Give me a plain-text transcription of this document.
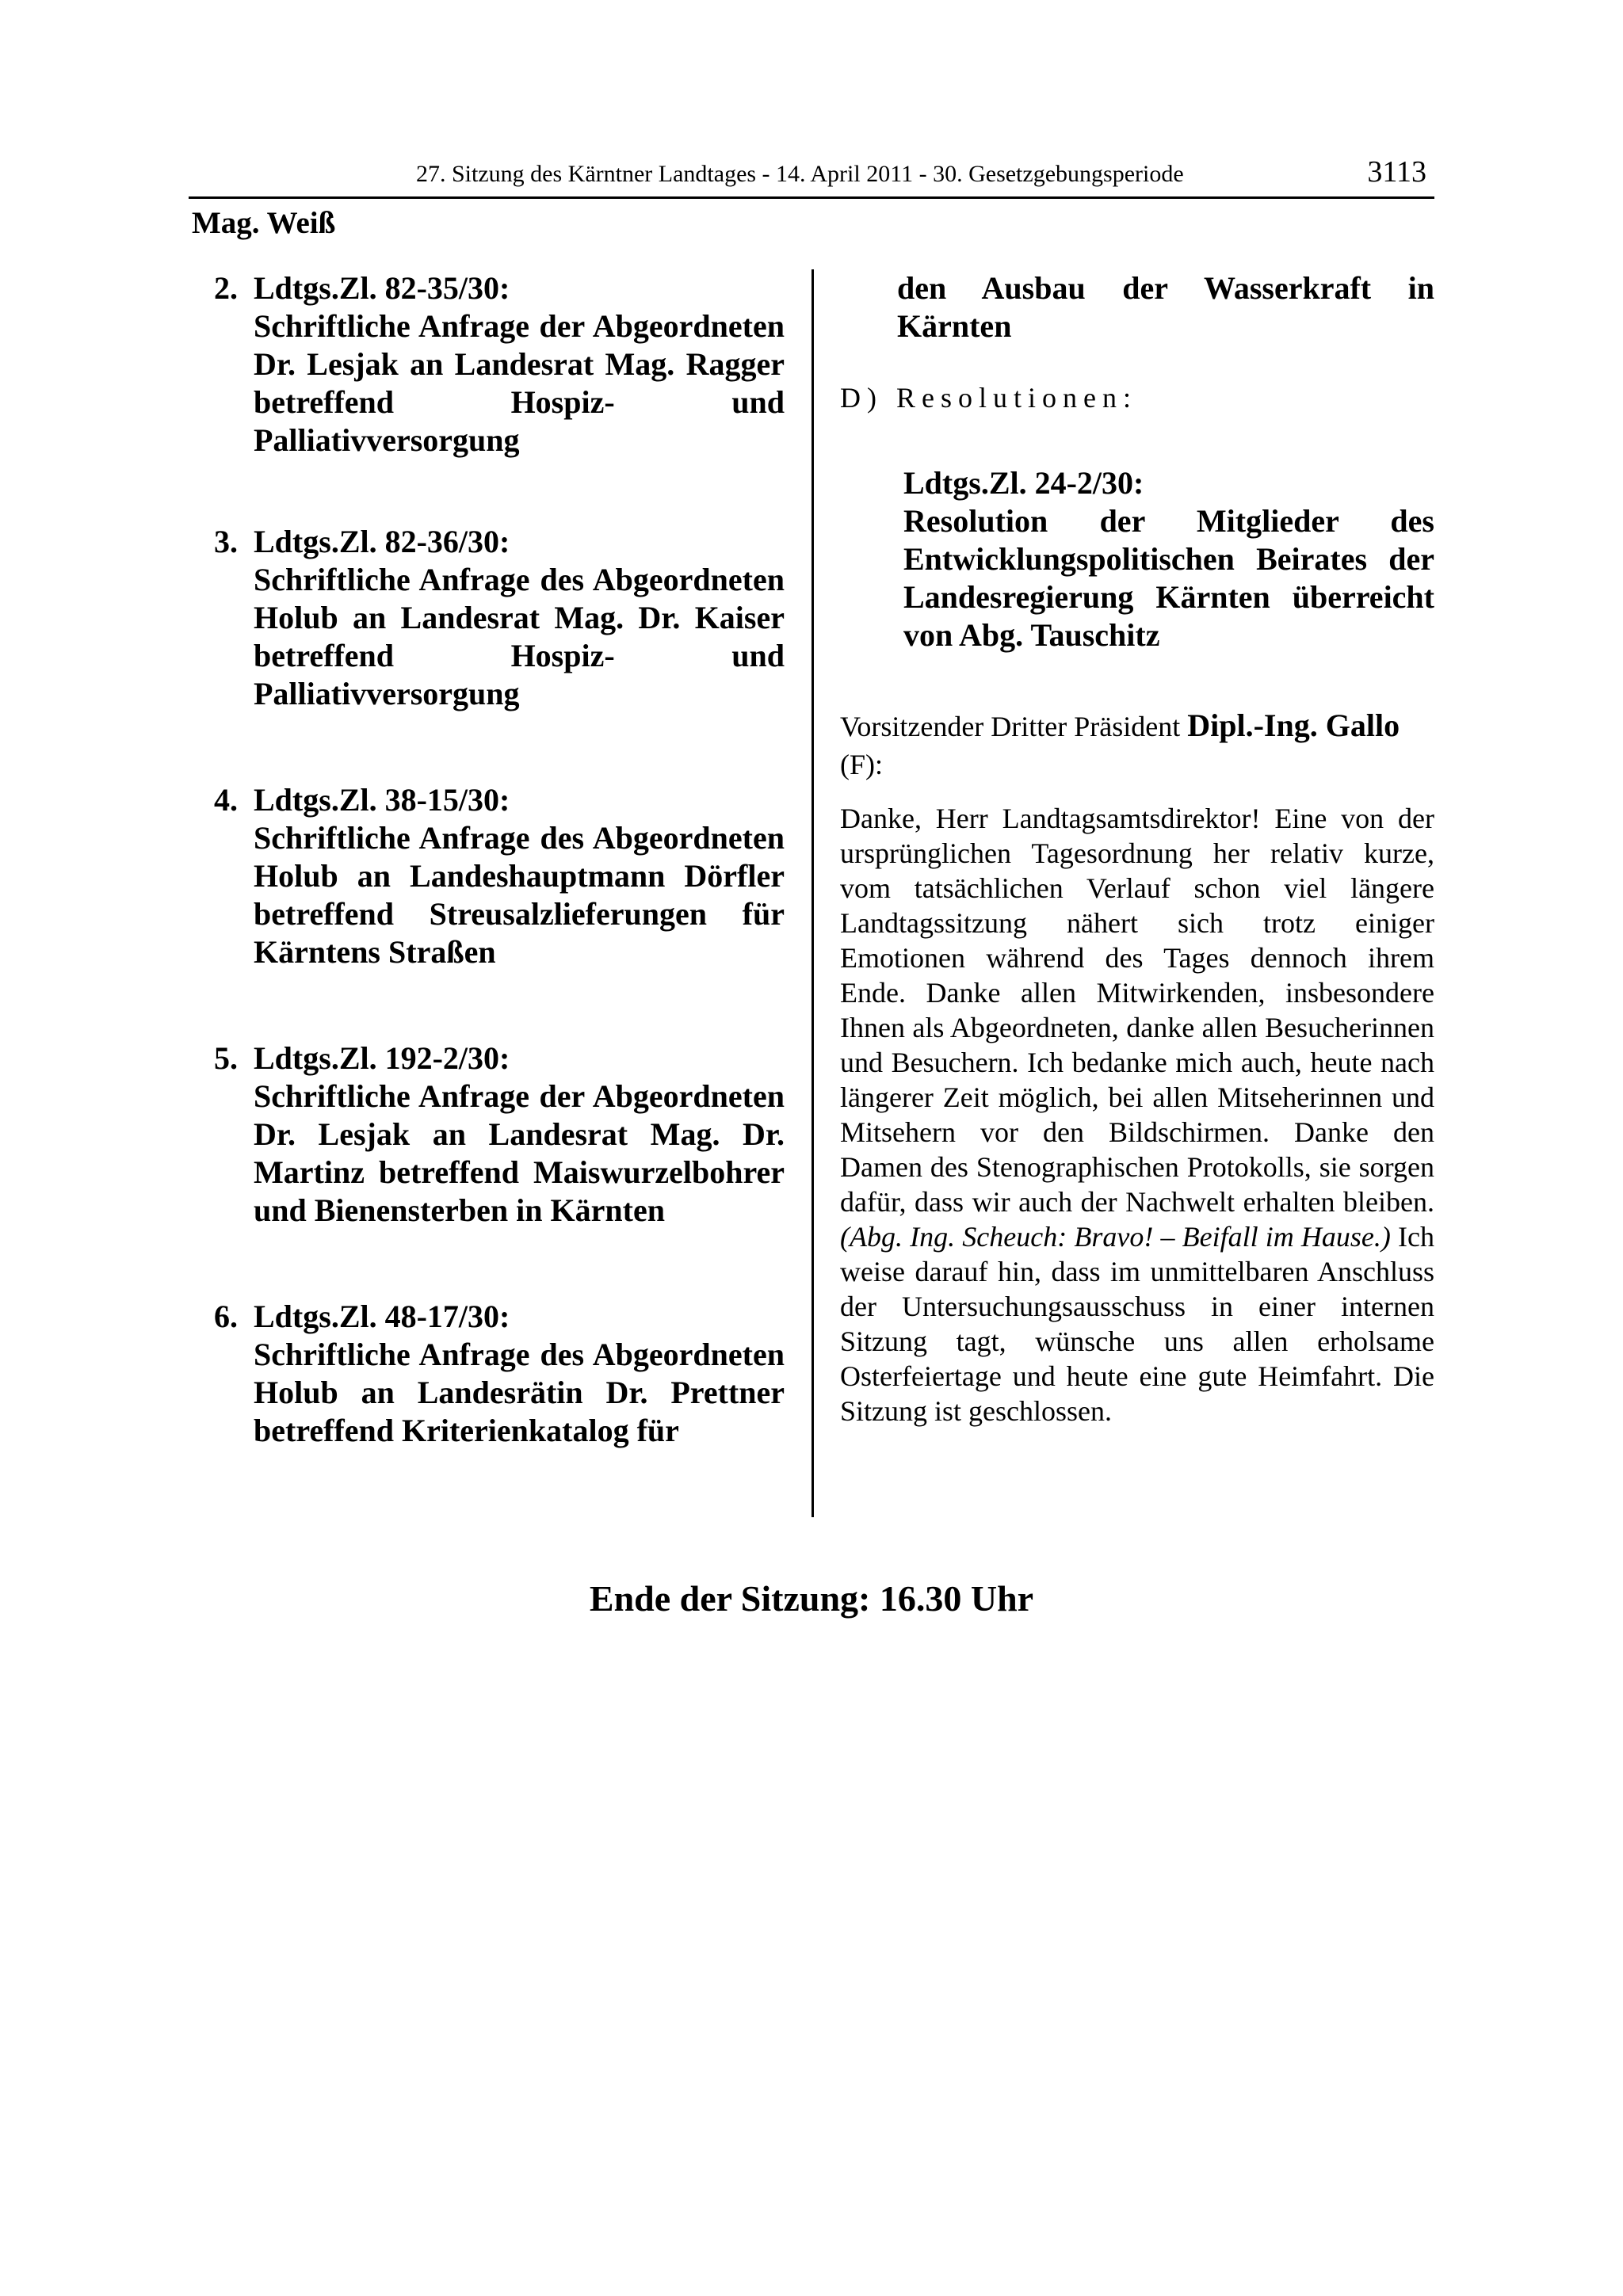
27. Sitzung des Kärntner Landtages - 14. April 2011 - 30. Gesetzgebungsperiode	3113
Mag. Weiß
2. Ldtgs.Zl. 82-35/30:
Schriftliche Anfrage der Abgeordneten Dr. Lesjak an Landesrat Mag. Ragger betreffend Hospiz- und Palliativversorgung
3. Ldtgs.Zl. 82-36/30:
Schriftliche Anfrage des Abgeordneten Holub an Landesrat Mag. Dr. Kaiser betreffend Hospiz- und Palliativversorgung
4. Ldtgs.Zl. 38-15/30:
Schriftliche Anfrage des Abgeordneten Holub an Landeshauptmann Dörfler betreffend Streusalzlieferungen für Kärntens Straßen
5. Ldtgs.Zl. 192-2/30:
Schriftliche Anfrage der Abgeordneten Dr. Lesjak an Landesrat Mag. Dr. Martinz betreffend Maiswurzelbohrer und Bienensterben in Kärnten
6. Ldtgs.Zl. 48-17/30:
Schriftliche Anfrage des Abgeordneten Holub an Landesrätin Dr. Prettner betreffend Kriterienkatalog für
den Ausbau der Wasserkraft in Kärnten
D) Resolutionen:
Ldtgs.Zl. 24-2/30:
Resolution der Mitglieder des Entwicklungspolitischen Beirates der Landesregierung Kärnten überreicht von Abg. Tauschitz
Vorsitzender Dritter Präsident Dipl.-Ing. Gallo
(F):
Danke, Herr Landtagsamtsdirektor! Eine von der ursprünglichen Tagesordnung her relativ kurze, vom tatsächlichen Verlauf schon viel längere Landtagssitzung nähert sich trotz einiger Emotionen während des Tages dennoch ihrem Ende. Danke allen Mitwirkenden, insbesondere Ihnen als Abgeordneten, danke allen Besucherinnen und Besuchern. Ich bedanke mich auch, heute nach längerer Zeit möglich, bei allen Mitseherinnen und Mitsehern vor den Bildschirmen. Danke den Damen des Stenographischen Protokolls, sie sorgen dafür, dass wir auch der Nachwelt erhalten bleiben. (Abg. Ing. Scheuch: Bravo! – Beifall im Hause.) Ich weise darauf hin, dass im unmittelbaren Anschluss der Untersuchungsausschuss in einer internen Sitzung tagt, wünsche uns allen erholsame Osterfeiertage und heute eine gute Heimfahrt. Die Sitzung ist geschlossen.
Ende der Sitzung: 16.30 Uhr
